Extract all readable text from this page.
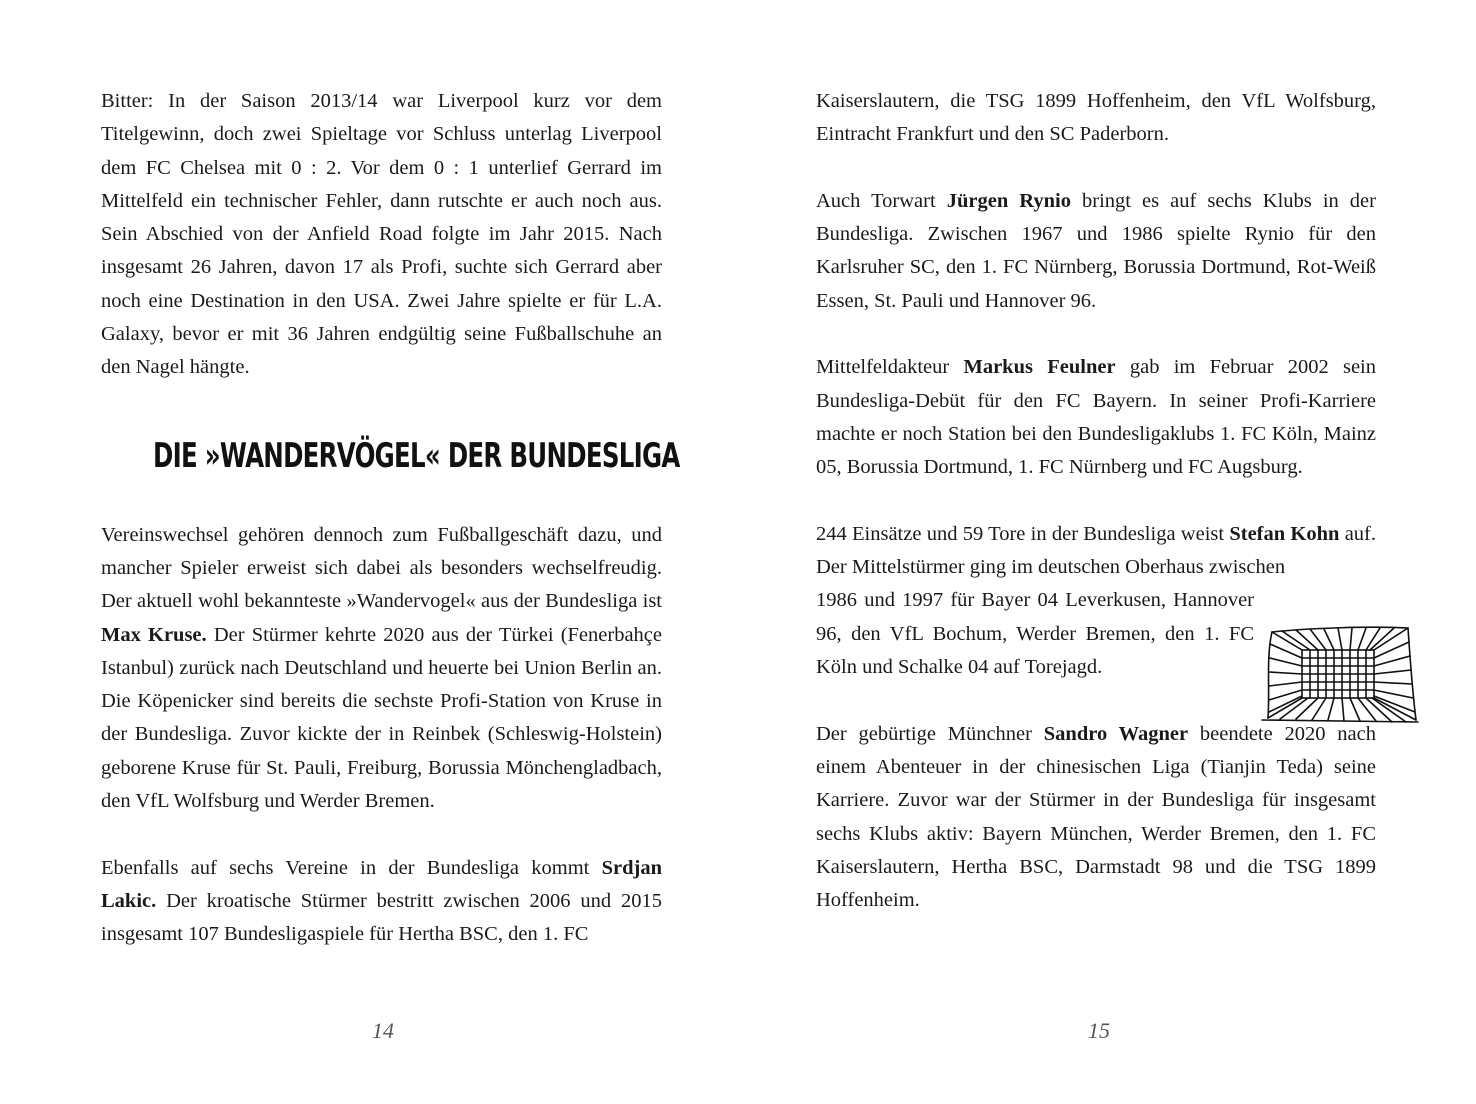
Bitter: In der Saison 2013/14 war Liverpool kurz vor dem Titelgewinn, doch zwei Spieltage vor Schluss unterlag Liverpool dem FC Chelsea mit 0 : 2. Vor dem 0 : 1 unterlief Gerrard im Mittelfeld ein technischer Fehler, dann rutschte er auch noch aus. Sein Abschied von der Anfield Road folgte im Jahr 2015. Nach insgesamt 26 Jahren, davon 17 als Profi, suchte sich Gerrard aber noch eine Destination in den USA. Zwei Jahre spielte er für L.A. Galaxy, bevor er mit 36 Jahren endgültig seine Fußballschuhe an den Nagel hängte.

DIE »WANDERVÖGEL« DER BUNDESLIGA

Vereinswechsel gehören dennoch zum Fußballgeschäft dazu, und mancher Spieler erweist sich dabei als besonders wechselfreudig. Der aktuell wohl bekannteste »Wandervogel« aus der Bundesliga ist Max Kruse. Der Stürmer kehrte 2020 aus der Türkei (Fenerbahçe Istanbul) zurück nach Deutschland und heuerte bei Union Berlin an. Die Köpenicker sind bereits die sechste Profi-Station von Kruse in der Bundesliga. Zuvor kickte der in Reinbek (Schleswig-Holstein) geborene Kruse für St. Pauli, Freiburg, Borussia Mönchengladbach, den VfL Wolfsburg und Werder Bremen.

Ebenfalls auf sechs Vereine in der Bundesliga kommt Srdjan Lakic. Der kroatische Stürmer bestritt zwischen 2006 und 2015 insgesamt 107 Bundesligaspiele für Hertha BSC, den 1. FC

14

Kaiserslautern, die TSG 1899 Hoffenheim, den VfL Wolfsburg, Eintracht Frankfurt und den SC Paderborn.

Auch Torwart Jürgen Rynio bringt es auf sechs Klubs in der Bundesliga. Zwischen 1967 und 1986 spielte Rynio für den Karlsruher SC, den 1. FC Nürnberg, Borussia Dortmund, Rot-Weiß Essen, St. Pauli und Hannover 96.

Mittelfeldakteur Markus Feulner gab im Februar 2002 sein Bundesliga-Debüt für den FC Bayern. In seiner Profi-Karriere machte er noch Station bei den Bundesligaklubs 1. FC Köln, Mainz 05, Borussia Dortmund, 1. FC Nürnberg und FC Augsburg.

244 Einsätze und 59 Tore in der Bundesliga weist Stefan Kohn auf. Der Mittelstürmer ging im deutschen Oberhaus zwischen
1986 und 1997 für Bayer 04 Leverkusen, Hannover
96, den VfL Bochum, Werder Bremen, den 1. FC
Köln und Schalke 04 auf Torejagd.

Der gebürtige Münchner Sandro Wagner beendete 2020 nach einem Abenteuer in der chinesischen Liga (Tianjin Teda) seine Karriere. Zuvor war der Stürmer in der Bundesliga für insgesamt sechs Klubs aktiv: Bayern München, Werder Bremen, den 1. FC Kaiserslautern, Hertha BSC, Darmstadt 98 und die TSG 1899 Hoffenheim.

15
